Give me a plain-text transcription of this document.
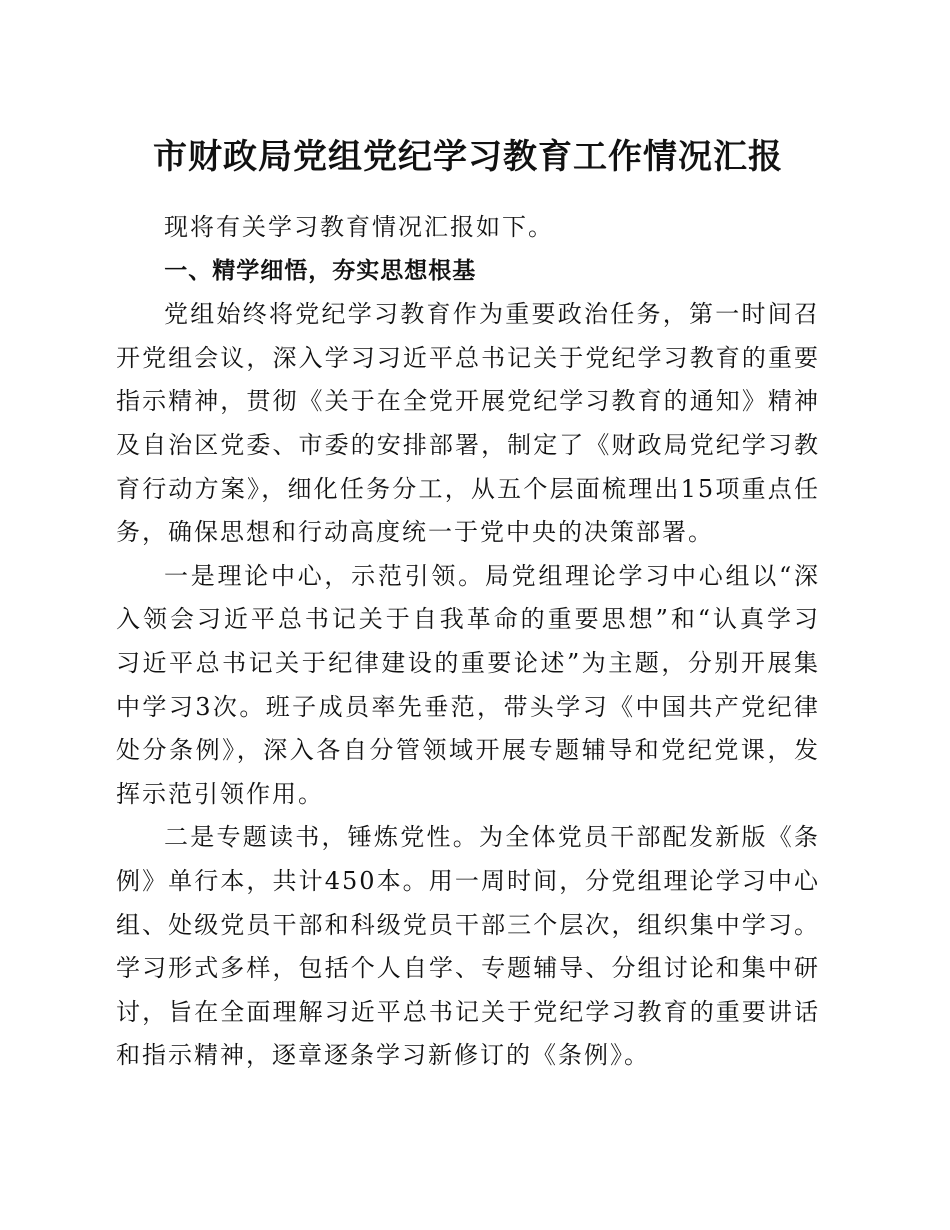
市财政局党组党纪学习教育工作情况汇报

现将有关学习教育情况汇报如下。

一、精学细悟，夯实思想根基

党组始终将党纪学习教育作为重要政治任务，第一时间召开党组会议，深入学习习近平总书记关于党纪学习教育的重要指示精神，贯彻《关于在全党开展党纪学习教育的通知》精神及自治区党委、市委的安排部署，制定了《财政局党纪学习教育行动方案》，细化任务分工，从五个层面梳理出15项重点任务，确保思想和行动高度统一于党中央的决策部署。

一是理论中心，示范引领。局党组理论学习中心组以“深入领会习近平总书记关于自我革命的重要思想”和“认真学习习近平总书记关于纪律建设的重要论述”为主题，分别开展集中学习3次。班子成员率先垂范，带头学习《中国共产党纪律处分条例》，深入各自分管领域开展专题辅导和党纪党课，发挥示范引领作用。

二是专题读书，锤炼党性。为全体党员干部配发新版《条例》单行本，共计450本。用一周时间，分党组理论学习中心组、处级党员干部和科级党员干部三个层次，组织集中学习。学习形式多样，包括个人自学、专题辅导、分组讨论和集中研讨，旨在全面理解习近平总书记关于党纪学习教育的重要讲话和指示精神，逐章逐条学习新修订的《条例》。
